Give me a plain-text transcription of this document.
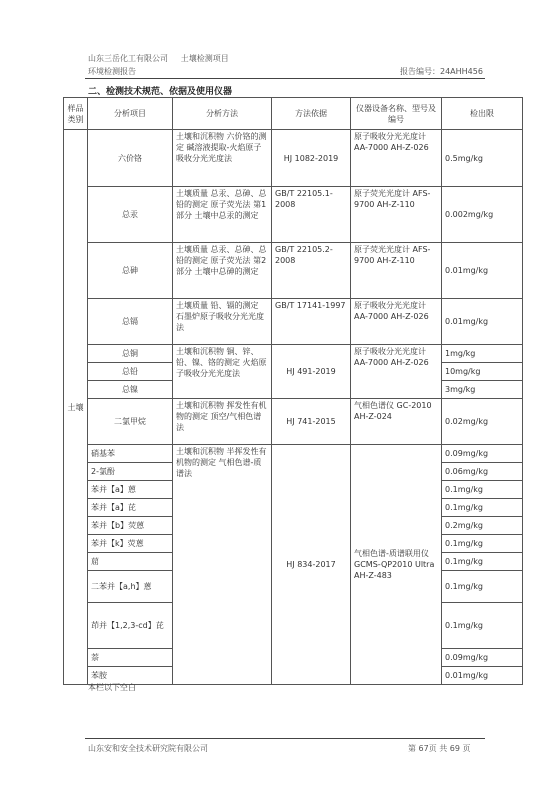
山东三岳化工有限公司 土壤检测项目
环境检测报告	报告编号：24AHH456
二、检测技术规范、依据及使用仪器
样品类别	分析项目	分析方法	方法依据	仪器设备名称、型号及编号	检出限
土壤	六价铬	土壤和沉积物 六价铬的测定 碱溶液提取-火焰原子吸收分光光度法	HJ 1082-2019	原子吸收分光光度计 AA-7000 AH-Z-026	0.5mg/kg
	总汞	土壤质量 总汞、总砷、总铅的测定 原子荧光法 第1部分 土壤中总汞的测定	GB/T 22105.1-2008	原子荧光光度计 AFS-9700 AH-Z-110	0.002mg/kg
	总砷	土壤质量 总汞、总砷、总铅的测定 原子荧光法 第2部分 土壤中总砷的测定	GB/T 22105.2-2008	原子荧光光度计 AFS-9700 AH-Z-110	0.01mg/kg
	总镉	土壤质量 铅、镉的测定 石墨炉原子吸收分光光度法	GB/T 17141-1997	原子吸收分光光度计 AA-7000 AH-Z-026	0.01mg/kg
	总铜	土壤和沉积物 铜、锌、铅、镍、铬的测定 火焰原子吸收分光光度法	HJ 491-2019	原子吸收分光光度计 AA-7000 AH-Z-026	1mg/kg
	总铅				10mg/kg
	总镍				3mg/kg
	二氯甲烷	土壤和沉积物 挥发性有机物的测定 顶空/气相色谱法	HJ 741-2015	气相色谱仪 GC-2010 AH-Z-024	0.02mg/kg
	硝基苯	土壤和沉积物 半挥发性有机物的测定 气相色谱-质谱法	HJ 834-2017	气相色谱-质谱联用仪 GCMS-QP2010 Ultra AH-Z-483	0.09mg/kg
	2-氯酚				0.06mg/kg
	苯并【a】蒽				0.1mg/kg
	苯并【a】芘				0.1mg/kg
	苯并【b】荧蒽				0.2mg/kg
	苯并【k】荧蒽				0.1mg/kg
	䓛				0.1mg/kg
	二苯并【a,h】蒽				0.1mg/kg
	茚并【1,2,3-cd】芘				0.1mg/kg
	萘				0.09mg/kg
	苯胺				0.01mg/kg
本栏以下空白
山东安和安全技术研究院有限公司	第 67页 共 69 页
